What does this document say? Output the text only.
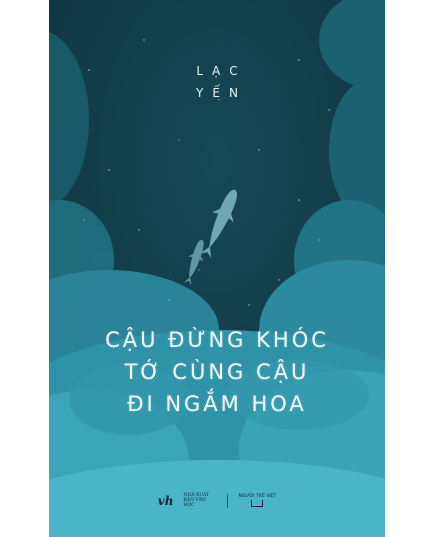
LẠC
YẾN
CẬU ĐỪNG KHÓC
TỚ CÙNG CẬU
ĐI NGẮM HOA
vh NHÀ XUẤT BẢN VĂN HỌC
NGƯỜI TRẺ VIỆT
